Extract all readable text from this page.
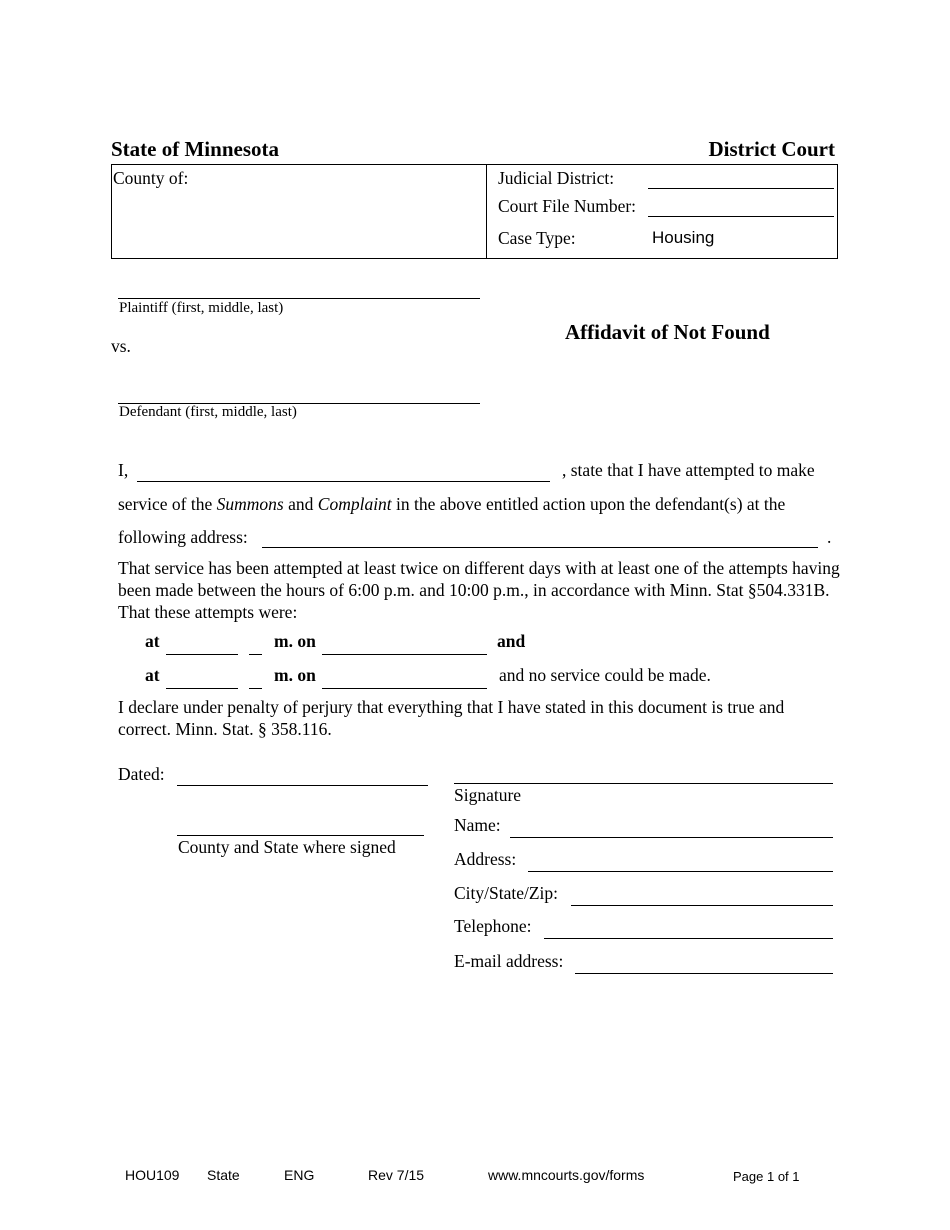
State of Minnesota	District Court
County of:	Judicial District:
Court File Number:
Case Type:	Housing
Plaintiff (first, middle, last)
vs.
Affidavit of Not Found
Defendant (first, middle, last)
I,	, state that I have attempted to make
service of the Summons and Complaint in the above entitled action upon the defendant(s) at the
following address:	.
That service has been attempted at least twice on different days with at least one of the attempts having been made between the hours of 6:00 p.m. and 10:00 p.m., in accordance with Minn. Stat §504.331B. That these attempts were:
at	m. on	and
at	m. on	and no service could be made.
I declare under penalty of perjury that everything that I have stated in this document is true and correct. Minn. Stat. § 358.116.
Dated:
County and State where signed
Signature
Name:
Address:
City/State/Zip:
Telephone:
E-mail address:
HOU109 State	ENG	Rev 7/15	www.mncourts.gov/forms	Page 1 of 1
